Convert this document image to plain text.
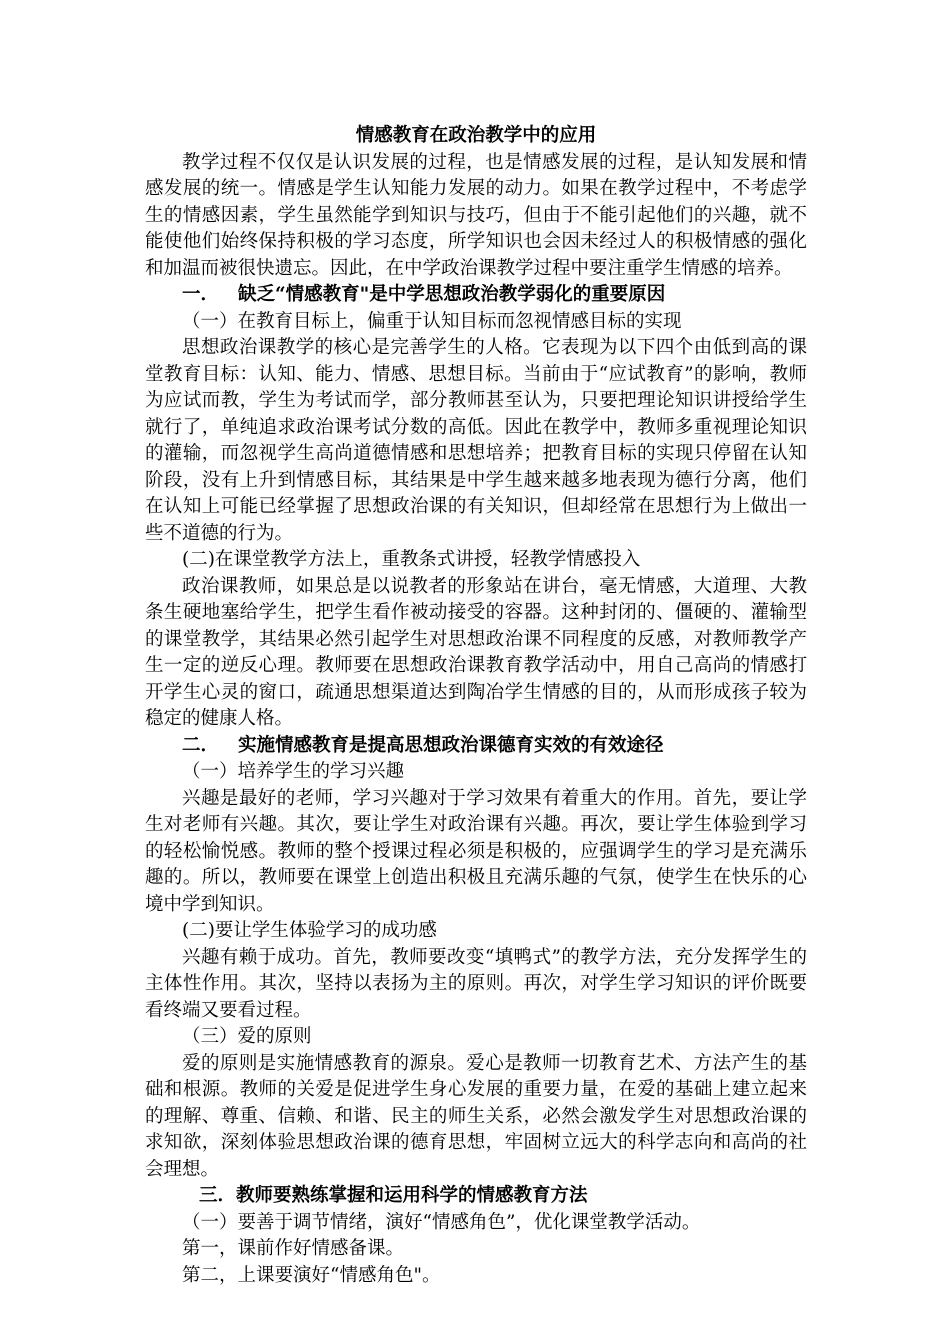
情感教育在政治教学中的应用

教学过程不仅仅是认识发展的过程，也是情感发展的过程，是认知发展和情感发展的统一。情感是学生认知能力发展的动力。如果在教学过程中，不考虑学生的情感因素，学生虽然能学到知识与技巧，但由于不能引起他们的兴趣，就不能使他们始终保持积极的学习态度，所学知识也会因未经过人的积极情感的强化和加温而被很快遗忘。因此，在中学政治课教学过程中要注重学生情感的培养。

一． 缺乏“情感教育"是中学思想政治教学弱化的重要原因

（一）在教育目标上，偏重于认知目标而忽视情感目标的实现

思想政治课教学的核心是完善学生的人格。它表现为以下四个由低到高的课堂教育目标：认知、能力、情感、思想目标。当前由于“应试教育”的影响，教师为应试而教，学生为考试而学，部分教师甚至认为，只要把理论知识讲授给学生就行了，单纯追求政治课考试分数的高低。因此在教学中，教师多重视理论知识的灌输，而忽视学生高尚道德情感和思想培养；把教育目标的实现只停留在认知阶段，没有上升到情感目标，其结果是中学生越来越多地表现为德行分离，他们在认知上可能已经掌握了思想政治课的有关知识，但却经常在思想行为上做出一些不道德的行为。

(二)在课堂教学方法上，重教条式讲授，轻教学情感投入

政治课教师，如果总是以说教者的形象站在讲台，毫无情感，大道理、大教条生硬地塞给学生，把学生看作被动接受的容器。这种封闭的、僵硬的、灌输型的课堂教学，其结果必然引起学生对思想政治课不同程度的反感，对教师教学产生一定的逆反心理。教师要在思想政治课教育教学活动中，用自己高尚的情感打开学生心灵的窗口，疏通思想渠道达到陶冶学生情感的目的，从而形成孩子较为稳定的健康人格。

二． 实施情感教育是提高思想政治课德育实效的有效途径

（一）培养学生的学习兴趣

兴趣是最好的老师，学习兴趣对于学习效果有着重大的作用。首先，要让学生对老师有兴趣。其次，要让学生对政治课有兴趣。再次，要让学生体验到学习的轻松愉悦感。教师的整个授课过程必须是积极的，应强调学生的学习是充满乐趣的。所以，教师要在课堂上创造出积极且充满乐趣的气氛，使学生在快乐的心境中学到知识。

(二)要让学生体验学习的成功感

兴趣有赖于成功。首先，教师要改变“填鸭式”的教学方法，充分发挥学生的主体性作用。其次，坚持以表扬为主的原则。再次，对学生学习知识的评价既要看终端又要看过程。

（三）爱的原则

爱的原则是实施情感教育的源泉。爱心是教师一切教育艺术、方法产生的基础和根源。教师的关爱是促进学生身心发展的重要力量，在爱的基础上建立起来的理解、尊重、信赖、和谐、民主的师生关系，必然会激发学生对思想政治课的求知欲，深刻体验思想政治课的德育思想，牢固树立远大的科学志向和高尚的社会理想。

三．教师要熟练掌握和运用科学的情感教育方法

（一）要善于调节情绪，演好“情感角色”，优化课堂教学活动。

第一，课前作好情感备课。

第二，上课要演好“情感角色"。
